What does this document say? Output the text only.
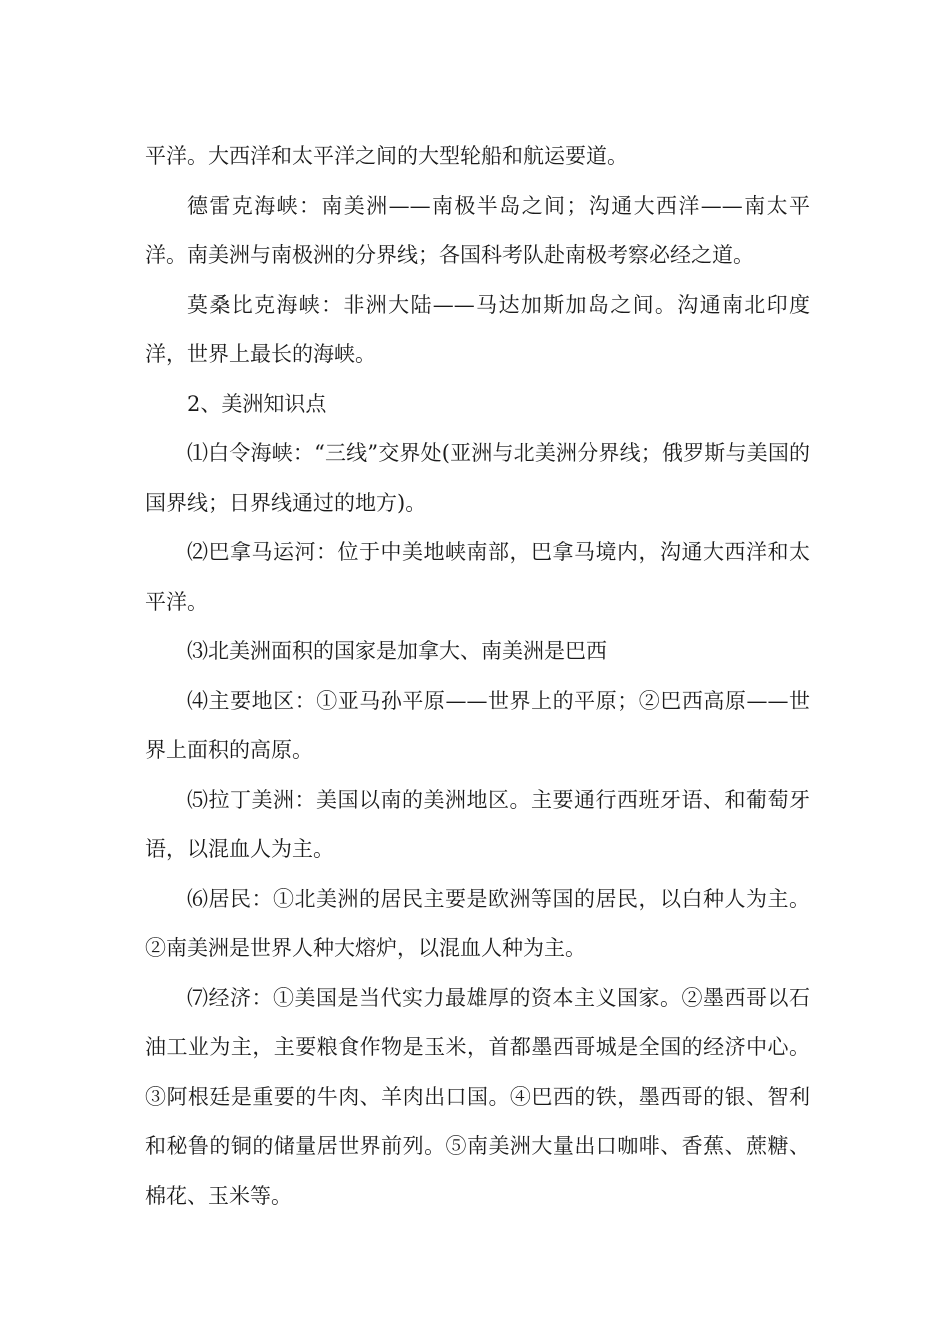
平洋。大西洋和太平洋之间的大型轮船和航运要道。

德雷克海峡：南美洲——南极半岛之间；沟通大西洋——南太平洋。南美洲与南极洲的分界线；各国科考队赴南极考察必经之道。

莫桑比克海峡：非洲大陆——马达加斯加岛之间。沟通南北印度洋，世界上最长的海峡。

2、美洲知识点

⑴白令海峡：“三线”交界处(亚洲与北美洲分界线；俄罗斯与美国的国界线；日界线通过的地方)。

⑵巴拿马运河：位于中美地峡南部，巴拿马境内，沟通大西洋和太平洋。

⑶北美洲面积的国家是加拿大、南美洲是巴西

⑷主要地区：①亚马孙平原——世界上的平原；②巴西高原——世界上面积的高原。

⑸拉丁美洲：美国以南的美洲地区。主要通行西班牙语、和葡萄牙语，以混血人为主。

⑹居民：①北美洲的居民主要是欧洲等国的居民，以白种人为主。②南美洲是世界人种大熔炉，以混血人种为主。

⑺经济：①美国是当代实力最雄厚的资本主义国家。②墨西哥以石油工业为主，主要粮食作物是玉米，首都墨西哥城是全国的经济中心。③阿根廷是重要的牛肉、羊肉出口国。④巴西的铁，墨西哥的银、智利和秘鲁的铜的储量居世界前列。⑤南美洲大量出口咖啡、香蕉、蔗糖、棉花、玉米等。
